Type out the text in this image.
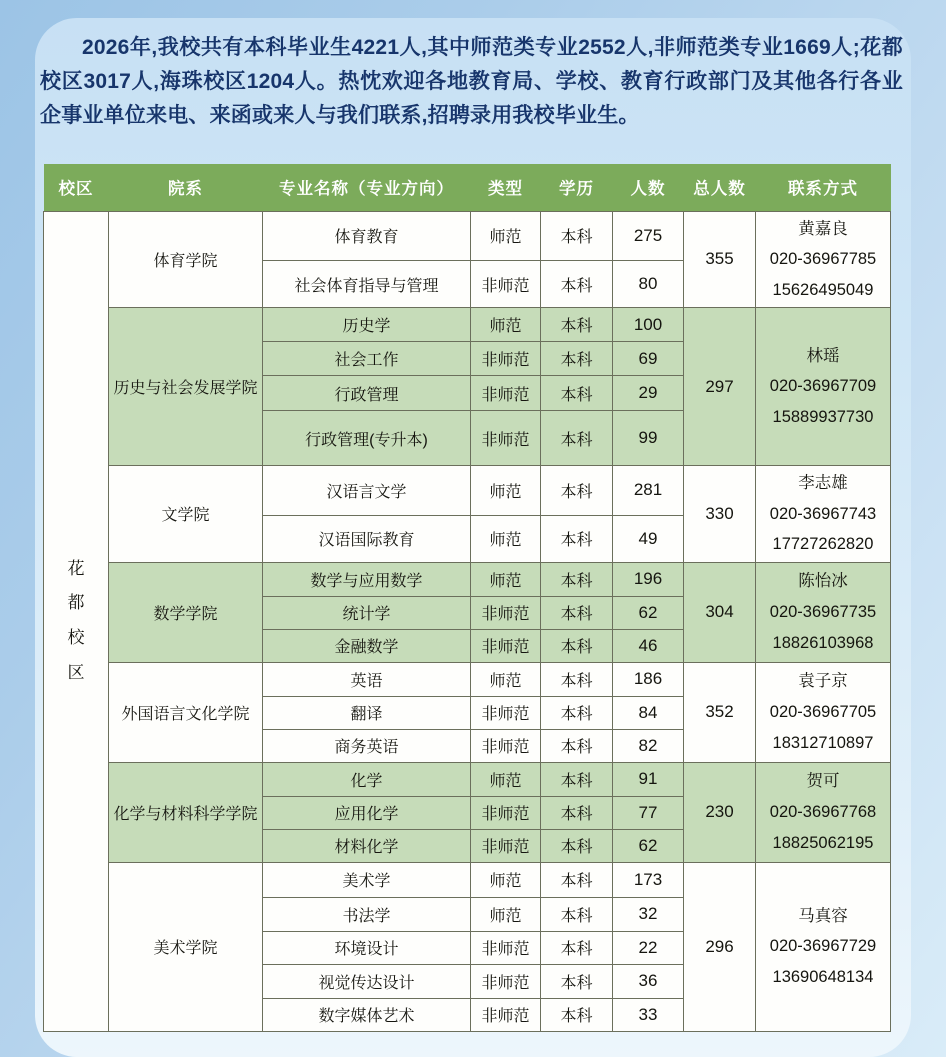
2026年,我校共有本科毕业生4221人,其中师范类专业2552人,非师范类专业1669人;花都校区3017人,海珠校区1204人。热忱欢迎各地教育局、学校、教育行政部门及其他各行各业企事业单位来电、来函或来人与我们联系,招聘录用我校毕业生。

校区	院系	专业名称（专业方向）	类型	学历	人数	总人数	联系方式

花都校区	体育学院	体育教育	师范	本科	275	355	黄嘉良
020-36967785
15626495049

		社会体育指导与管理	非师范	本科	80		
	历史与社会发展学院	历史学	师范	本科	100	297	林瑶
020-36967709
15889937730

		社会工作	非师范	本科	69		
		行政管理	非师范	本科	29		
		行政管理(专升本)	非师范	本科	99		
	文学院	汉语言文学	师范	本科	281	330	李志雄
020-36967743
17727262820

		汉语国际教育	师范	本科	49		
	数学学院	数学与应用数学	师范	本科	196	304	陈怡冰
020-36967735
18826103968

		统计学	非师范	本科	62		
		金融数学	非师范	本科	46		
	外国语言文化学院	英语	师范	本科	186	352	袁子京
020-36967705
18312710897

		翻译	非师范	本科	84		
		商务英语	非师范	本科	82		
	化学与材料科学学院	化学	师范	本科	91	230	贺可
020-36967768
18825062195

		应用化学	非师范	本科	77		
		材料化学	非师范	本科	62		
	美术学院	美术学	师范	本科	173	296	马真容
020-36967729
13690648134

		书法学	师范	本科	32		
		环境设计	非师范	本科	22		
		视觉传达设计	非师范	本科	36		
		数字媒体艺术	非师范	本科	33		
